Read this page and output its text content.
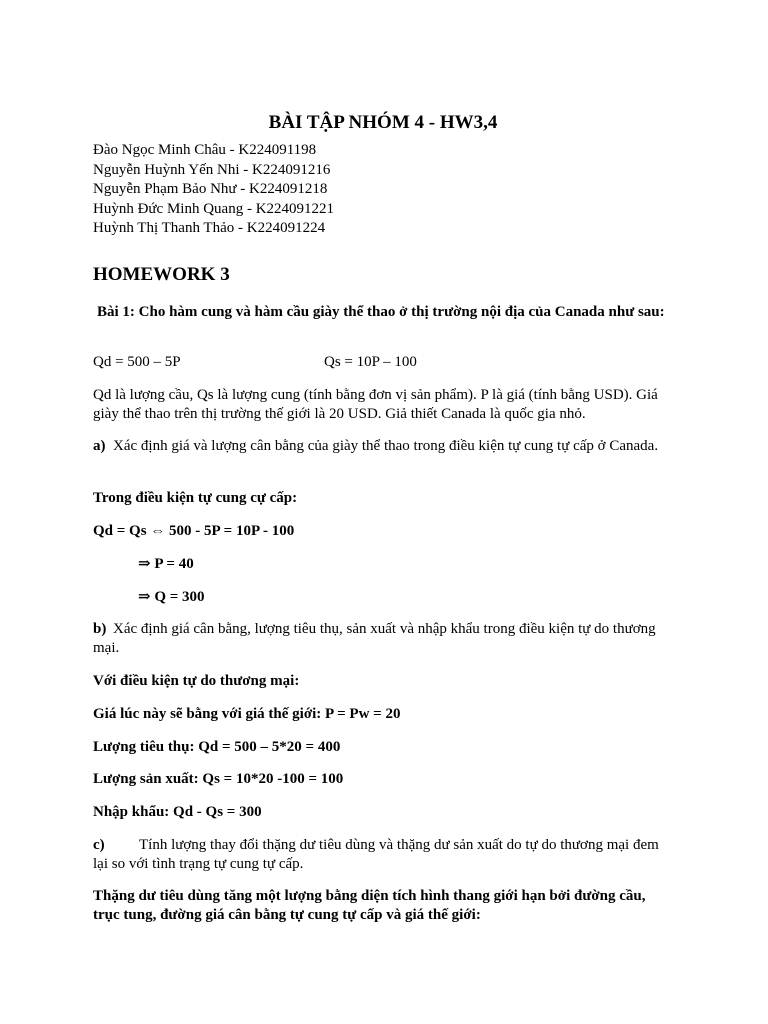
BÀI TẬP NHÓM 4 - HW3,4
Đào Ngọc Minh Châu - K224091198
Nguyễn Huỳnh Yến Nhi - K224091216
Nguyễn Phạm Bảo Như - K224091218
Huỳnh Đức Minh Quang - K224091221
Huỳnh Thị Thanh Thảo - K224091224
HOMEWORK 3
Bài 1: Cho hàm cung và hàm cầu giày thể thao ở thị trường nội địa của Canada như sau:
Qd = 500 – 5P	Qs = 10P – 100
Qd là lượng cầu, Qs là lượng cung (tính bằng đơn vị sản phẩm). P là giá (tính bằng USD). Giá giày thể thao trên thị trường thế giới là 20 USD. Giả thiết Canada là quốc gia nhỏ.
a) Xác định giá và lượng cân bằng của giày thể thao trong điều kiện tự cung tự cấp ở Canada.
Trong điều kiện tự cung cự cấp:
Qd = Qs ⇔ 500 - 5P = 10P - 100
⇒ P = 40
⇒ Q = 300
b) Xác định giá cân bằng, lượng tiêu thụ, sản xuất và nhập khẩu trong điều kiện tự do thương mại.
Với điều kiện tự do thương mại:
Giá lúc này sẽ bằng với giá thế giới: P = Pw = 20
Lượng tiêu thụ: Qd = 500 – 5*20 = 400
Lượng sản xuất: Qs = 10*20 -100 = 100
Nhập khẩu: Qd - Qs = 300
c) Tính lượng thay đổi thặng dư tiêu dùng và thặng dư sản xuất do tự do thương mại đem lại so với tình trạng tự cung tự cấp.
Thặng dư tiêu dùng tăng một lượng bằng diện tích hình thang giới hạn bởi đường cầu, trục tung, đường giá cân bằng tự cung tự cấp và giá thế giới:
